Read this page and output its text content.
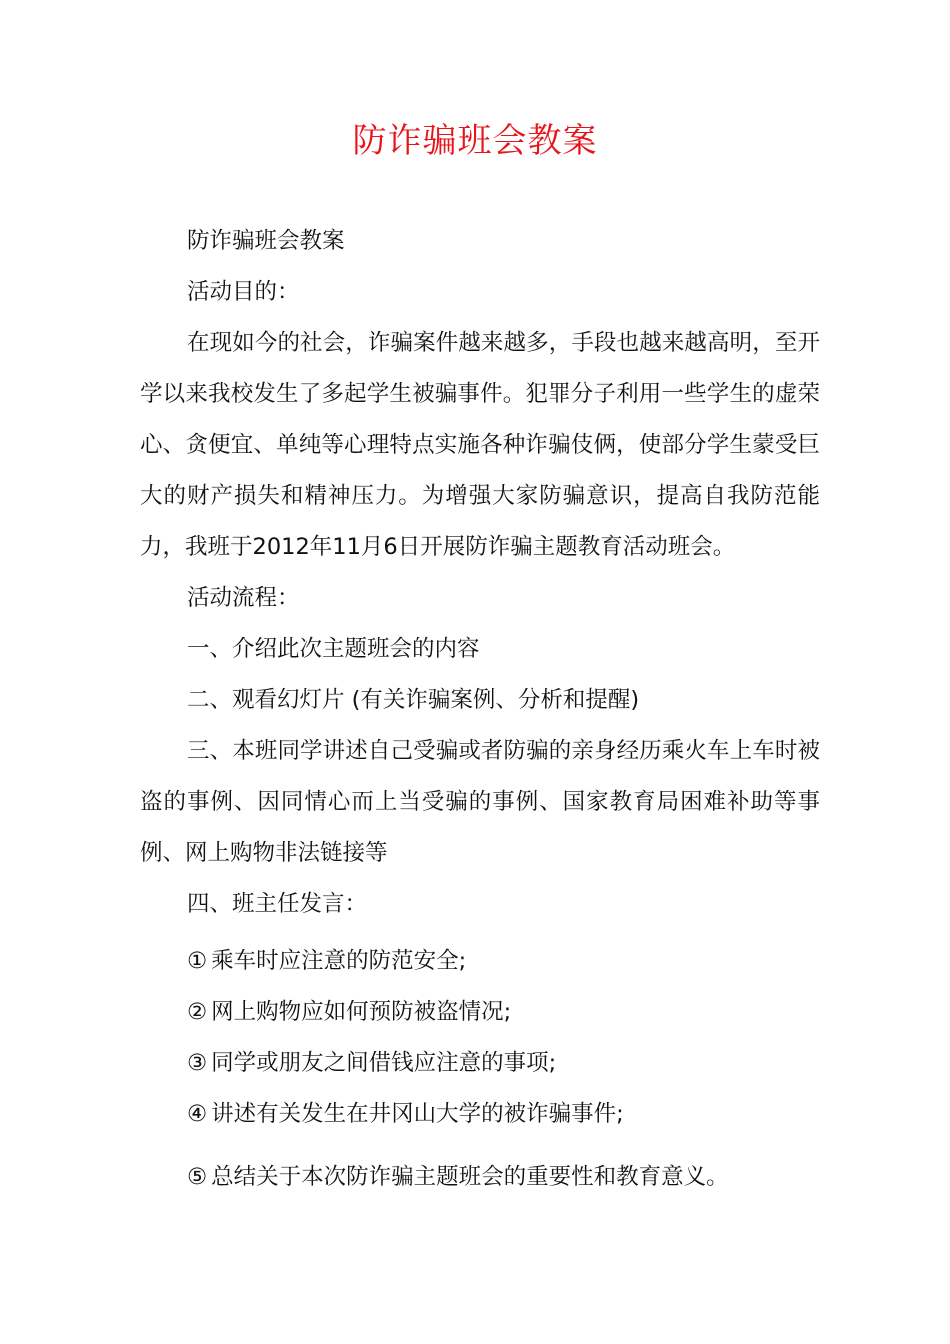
防诈骗班会教案

防诈骗班会教案

活动目的：

在现如今的社会，诈骗案件越来越多，手段也越来越高明，至开学以来我校发生了多起学生被骗事件。犯罪分子利用一些学生的虚荣心、贪便宜、单纯等心理特点实施各种诈骗伎俩，使部分学生蒙受巨大的财产损失和精神压力。为增强大家防骗意识，提高自我防范能力，我班于2012年11月6日开展防诈骗主题教育活动班会。

活动流程：

一、介绍此次主题班会的内容

二、观看幻灯片 (有关诈骗案例、分析和提醒)

三、本班同学讲述自己受骗或者防骗的亲身经历乘火车上车时被盗的事例、因同情心而上当受骗的事例、国家教育局困难补助等事例、网上购物非法链接等

四、班主任发言：

① 乘车时应注意的防范安全;

② 网上购物应如何预防被盗情况;

③ 同学或朋友之间借钱应注意的事项;

④ 讲述有关发生在井冈山大学的被诈骗事件;

⑤ 总结关于本次防诈骗主题班会的重要性和教育意义。
